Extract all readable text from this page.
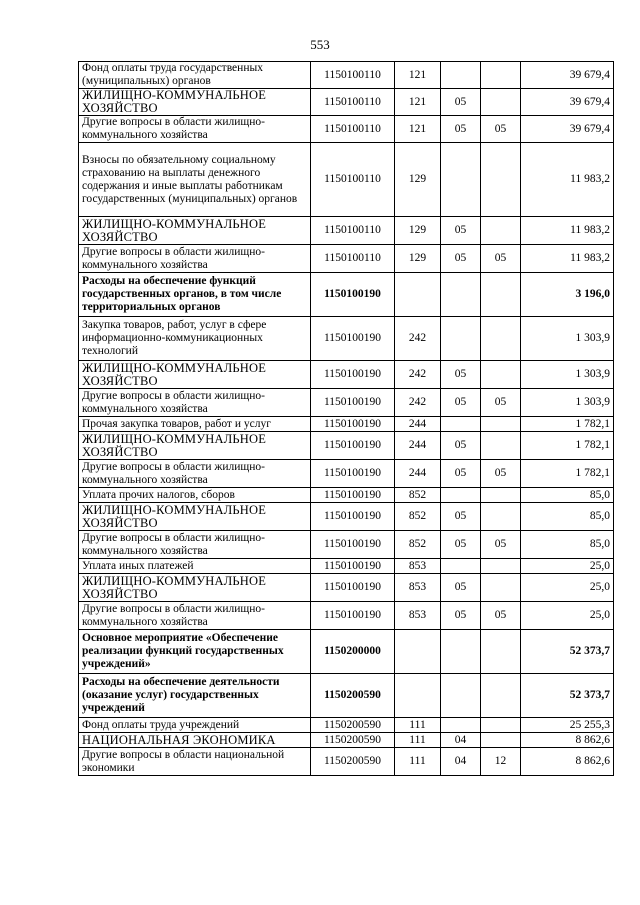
553
Фонд оплаты труда государственных (муниципальных) органов	1150100110	121			39 679,4
ЖИЛИЩНО-КОММУНАЛЬНОЕ ХОЗЯЙСТВО	1150100110	121	05		39 679,4
Другие вопросы в области жилищно-коммунального хозяйства	1150100110	121	05	05	39 679,4
Взносы по обязательному социальному страхованию на выплаты денежного содержания и иные выплаты работникам государственных (муниципальных) органов	1150100110	129			11 983,2
ЖИЛИЩНО-КОММУНАЛЬНОЕ ХОЗЯЙСТВО	1150100110	129	05		11 983,2
Другие вопросы в области жилищно-коммунального хозяйства	1150100110	129	05	05	11 983,2
Расходы на обеспечение функций государственных органов, в том числе территориальных органов	1150100190				3 196,0
Закупка товаров, работ, услуг в сфере информационно-коммуникационных технологий	1150100190	242			1 303,9
ЖИЛИЩНО-КОММУНАЛЬНОЕ ХОЗЯЙСТВО	1150100190	242	05		1 303,9
Другие вопросы в области жилищно-коммунального хозяйства	1150100190	242	05	05	1 303,9
Прочая закупка товаров, работ и услуг	1150100190	244			1 782,1
ЖИЛИЩНО-КОММУНАЛЬНОЕ ХОЗЯЙСТВО	1150100190	244	05		1 782,1
Другие вопросы в области жилищно-коммунального хозяйства	1150100190	244	05	05	1 782,1
Уплата прочих налогов, сборов	1150100190	852			85,0
ЖИЛИЩНО-КОММУНАЛЬНОЕ ХОЗЯЙСТВО	1150100190	852	05		85,0
Другие вопросы в области жилищно-коммунального хозяйства	1150100190	852	05	05	85,0
Уплата иных платежей	1150100190	853			25,0
ЖИЛИЩНО-КОММУНАЛЬНОЕ ХОЗЯЙСТВО	1150100190	853	05		25,0
Другие вопросы в области жилищно-коммунального хозяйства	1150100190	853	05	05	25,0
Основное мероприятие «Обеспечение реализации функций государственных учреждений»	1150200000				52 373,7
Расходы на обеспечение деятельности (оказание услуг) государственных учреждений	1150200590				52 373,7
Фонд оплаты труда учреждений	1150200590	111			25 255,3
НАЦИОНАЛЬНАЯ ЭКОНОМИКА	1150200590	111	04		8 862,6
Другие вопросы в области национальной экономики	1150200590	111	04	12	8 862,6
